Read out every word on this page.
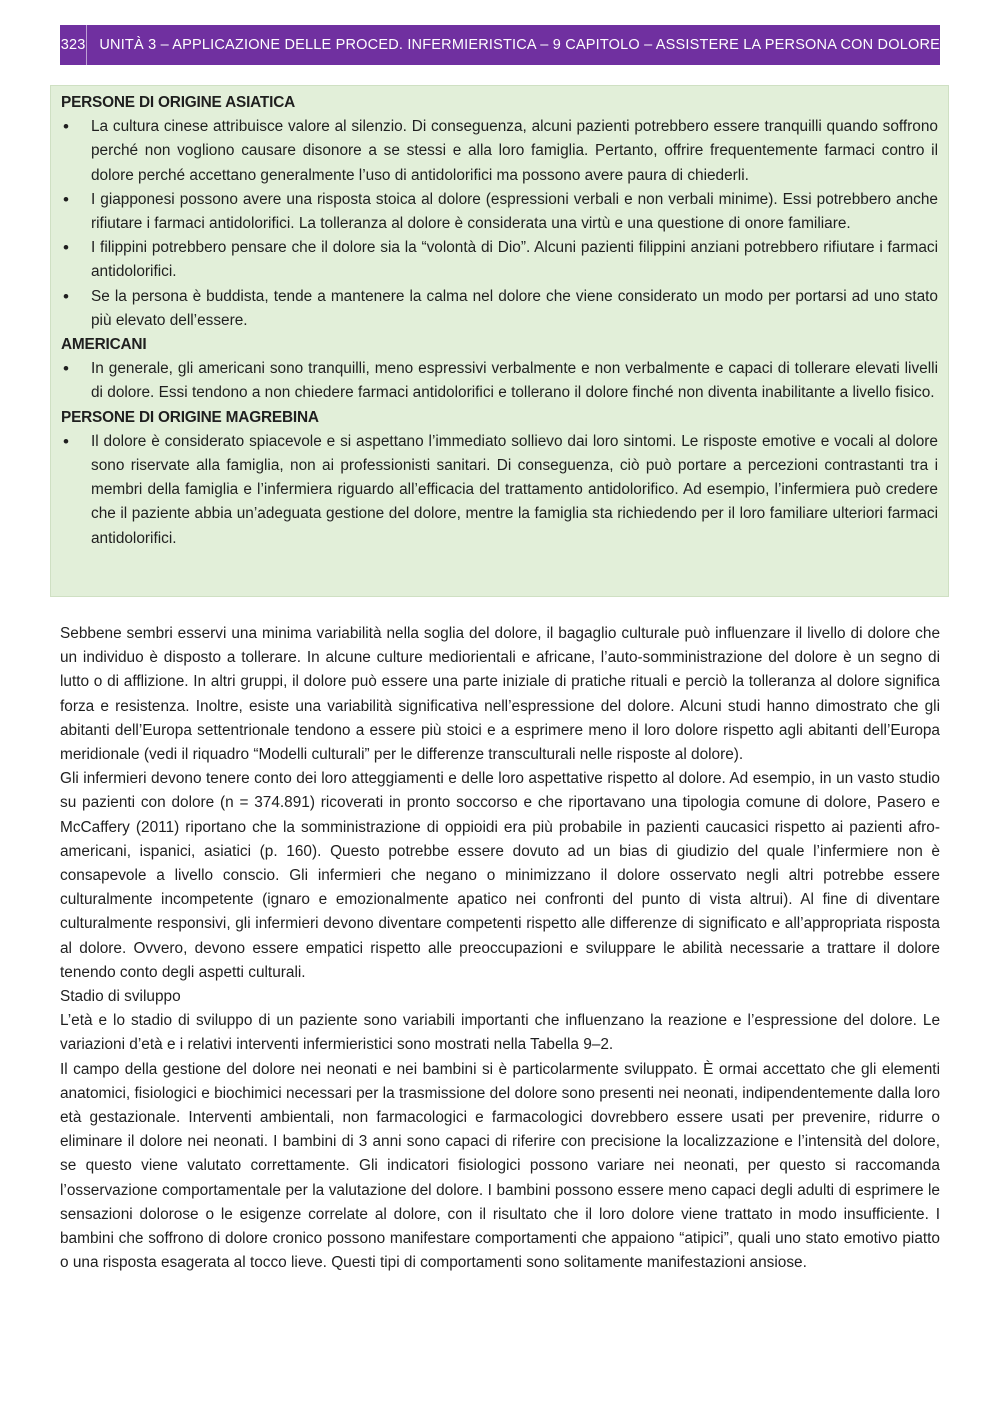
323 UNITÀ 3 – APPLICAZIONE DELLE PROCED. INFERMIERISTICA – 9 CAPITOLO – ASSISTERE LA PERSONA CON DOLORE
PERSONE DI ORIGINE ASIATICA
• La cultura cinese attribuisce valore al silenzio. Di conseguenza, alcuni pazienti potrebbero essere tranquilli quando soffrono perché non vogliono causare disonore a se stessi e alla loro famiglia. Pertanto, offrire frequentemente farmaci contro il dolore perché accettano generalmente l’uso di antidolorifici ma possono avere paura di chiederli.
• I giapponesi possono avere una risposta stoica al dolore (espressioni verbali e non verbali minime). Essi potrebbero anche rifiutare i farmaci antidolorifici. La tolleranza al dolore è considerata una virtù e una questione di onore familiare.
• I filippini potrebbero pensare che il dolore sia la “volontà di Dio”. Alcuni pazienti filippini anziani potrebbero rifiutare i farmaci antidolorifici.
• Se la persona è buddista, tende a mantenere la calma nel dolore che viene considerato un modo per portarsi ad uno stato più elevato dell’essere.
AMERICANI
• In generale, gli americani sono tranquilli, meno espressivi verbalmente e non verbalmente e capaci di tollerare elevati livelli di dolore. Essi tendono a non chiedere farmaci antidolorifici e tollerano il dolore finché non diventa inabilitante a livello fisico.
PERSONE DI ORIGINE MAGREBINA
• Il dolore è considerato spiacevole e si aspettano l’immediato sollievo dai loro sintomi. Le risposte emotive e vocali al dolore sono riservate alla famiglia, non ai professionisti sanitari. Di conseguenza, ciò può portare a percezioni contrastanti tra i membri della famiglia e l’infermiera riguardo all’efficacia del trattamento antidolorifico. Ad esempio, l’infermiera può credere che il paziente abbia un’adeguata gestione del dolore, mentre la famiglia sta richiedendo per il loro familiare ulteriori farmaci antidolorifici.

Sebbene sembri esservi una minima variabilità nella soglia del dolore, il bagaglio culturale può influenzare il livello di dolore che un individuo è disposto a tollerare. In alcune culture mediorientali e africane, l’auto-somministrazione del dolore è un segno di lutto o di afflizione. In altri gruppi, il dolore può essere una parte iniziale di pratiche rituali e perciò la tolleranza al dolore significa forza e resistenza. Inoltre, esiste una variabilità significativa nell’espressione del dolore. Alcuni studi hanno dimostrato che gli abitanti dell’Europa settentrionale tendono a essere più stoici e a esprimere meno il loro dolore rispetto agli abitanti dell’Europa meridionale (vedi il riquadro “Modelli culturali” per le differenze transculturali nelle risposte al dolore).

Gli infermieri devono tenere conto dei loro atteggiamenti e delle loro aspettative rispetto al dolore. Ad esempio, in un vasto studio su pazienti con dolore (n = 374.891) ricoverati in pronto soccorso e che riportavano una tipologia comune di dolore, Pasero e McCaffery (2011) riportano che la somministrazione di oppioidi era più probabile in pazienti caucasici rispetto ai pazienti afro-americani, ispanici, asiatici (p. 160). Questo potrebbe essere dovuto ad un bias di giudizio del quale l’infermiere non è consapevole a livello conscio. Gli infermieri che negano o minimizzano il dolore osservato negli altri potrebbe essere culturalmente incompetente (ignaro e emozionalmente apatico nei confronti del punto di vista altrui). Al fine di diventare culturalmente responsivi, gli infermieri devono diventare competenti rispetto alle differenze di significato e all’appropriata risposta al dolore. Ovvero, devono essere empatici rispetto alle preoccupazioni e sviluppare le abilità necessarie a trattare il dolore tenendo conto degli aspetti culturali.

Stadio di sviluppo

L’età e lo stadio di sviluppo di un paziente sono variabili importanti che influenzano la reazione e l’espressione del dolore. Le variazioni d’età e i relativi interventi infermieristici sono mostrati nella Tabella 9–2.

Il campo della gestione del dolore nei neonati e nei bambini si è particolarmente sviluppato. È ormai accettato che gli elementi anatomici, fisiologici e biochimici necessari per la trasmissione del dolore sono presenti nei neonati, indipendentemente dalla loro età gestazionale. Interventi ambientali, non farmacologici e farmacologici dovrebbero essere usati per prevenire, ridurre o eliminare il dolore nei neonati. I bambini di 3 anni sono capaci di riferire con precisione la localizzazione e l’intensità del dolore, se questo viene valutato correttamente. Gli indicatori fisiologici possono variare nei neonati, per questo si raccomanda l’osservazione comportamentale per la valutazione del dolore. I bambini possono essere meno capaci degli adulti di esprimere le sensazioni dolorose o le esigenze correlate al dolore, con il risultato che il loro dolore viene trattato in modo insufficiente. I bambini che soffrono di dolore cronico possono manifestare comportamenti che appaiono “atipici”, quali uno stato emotivo piatto o una risposta esagerata al tocco lieve. Questi tipi di comportamenti sono solitamente manifestazioni ansiose.
